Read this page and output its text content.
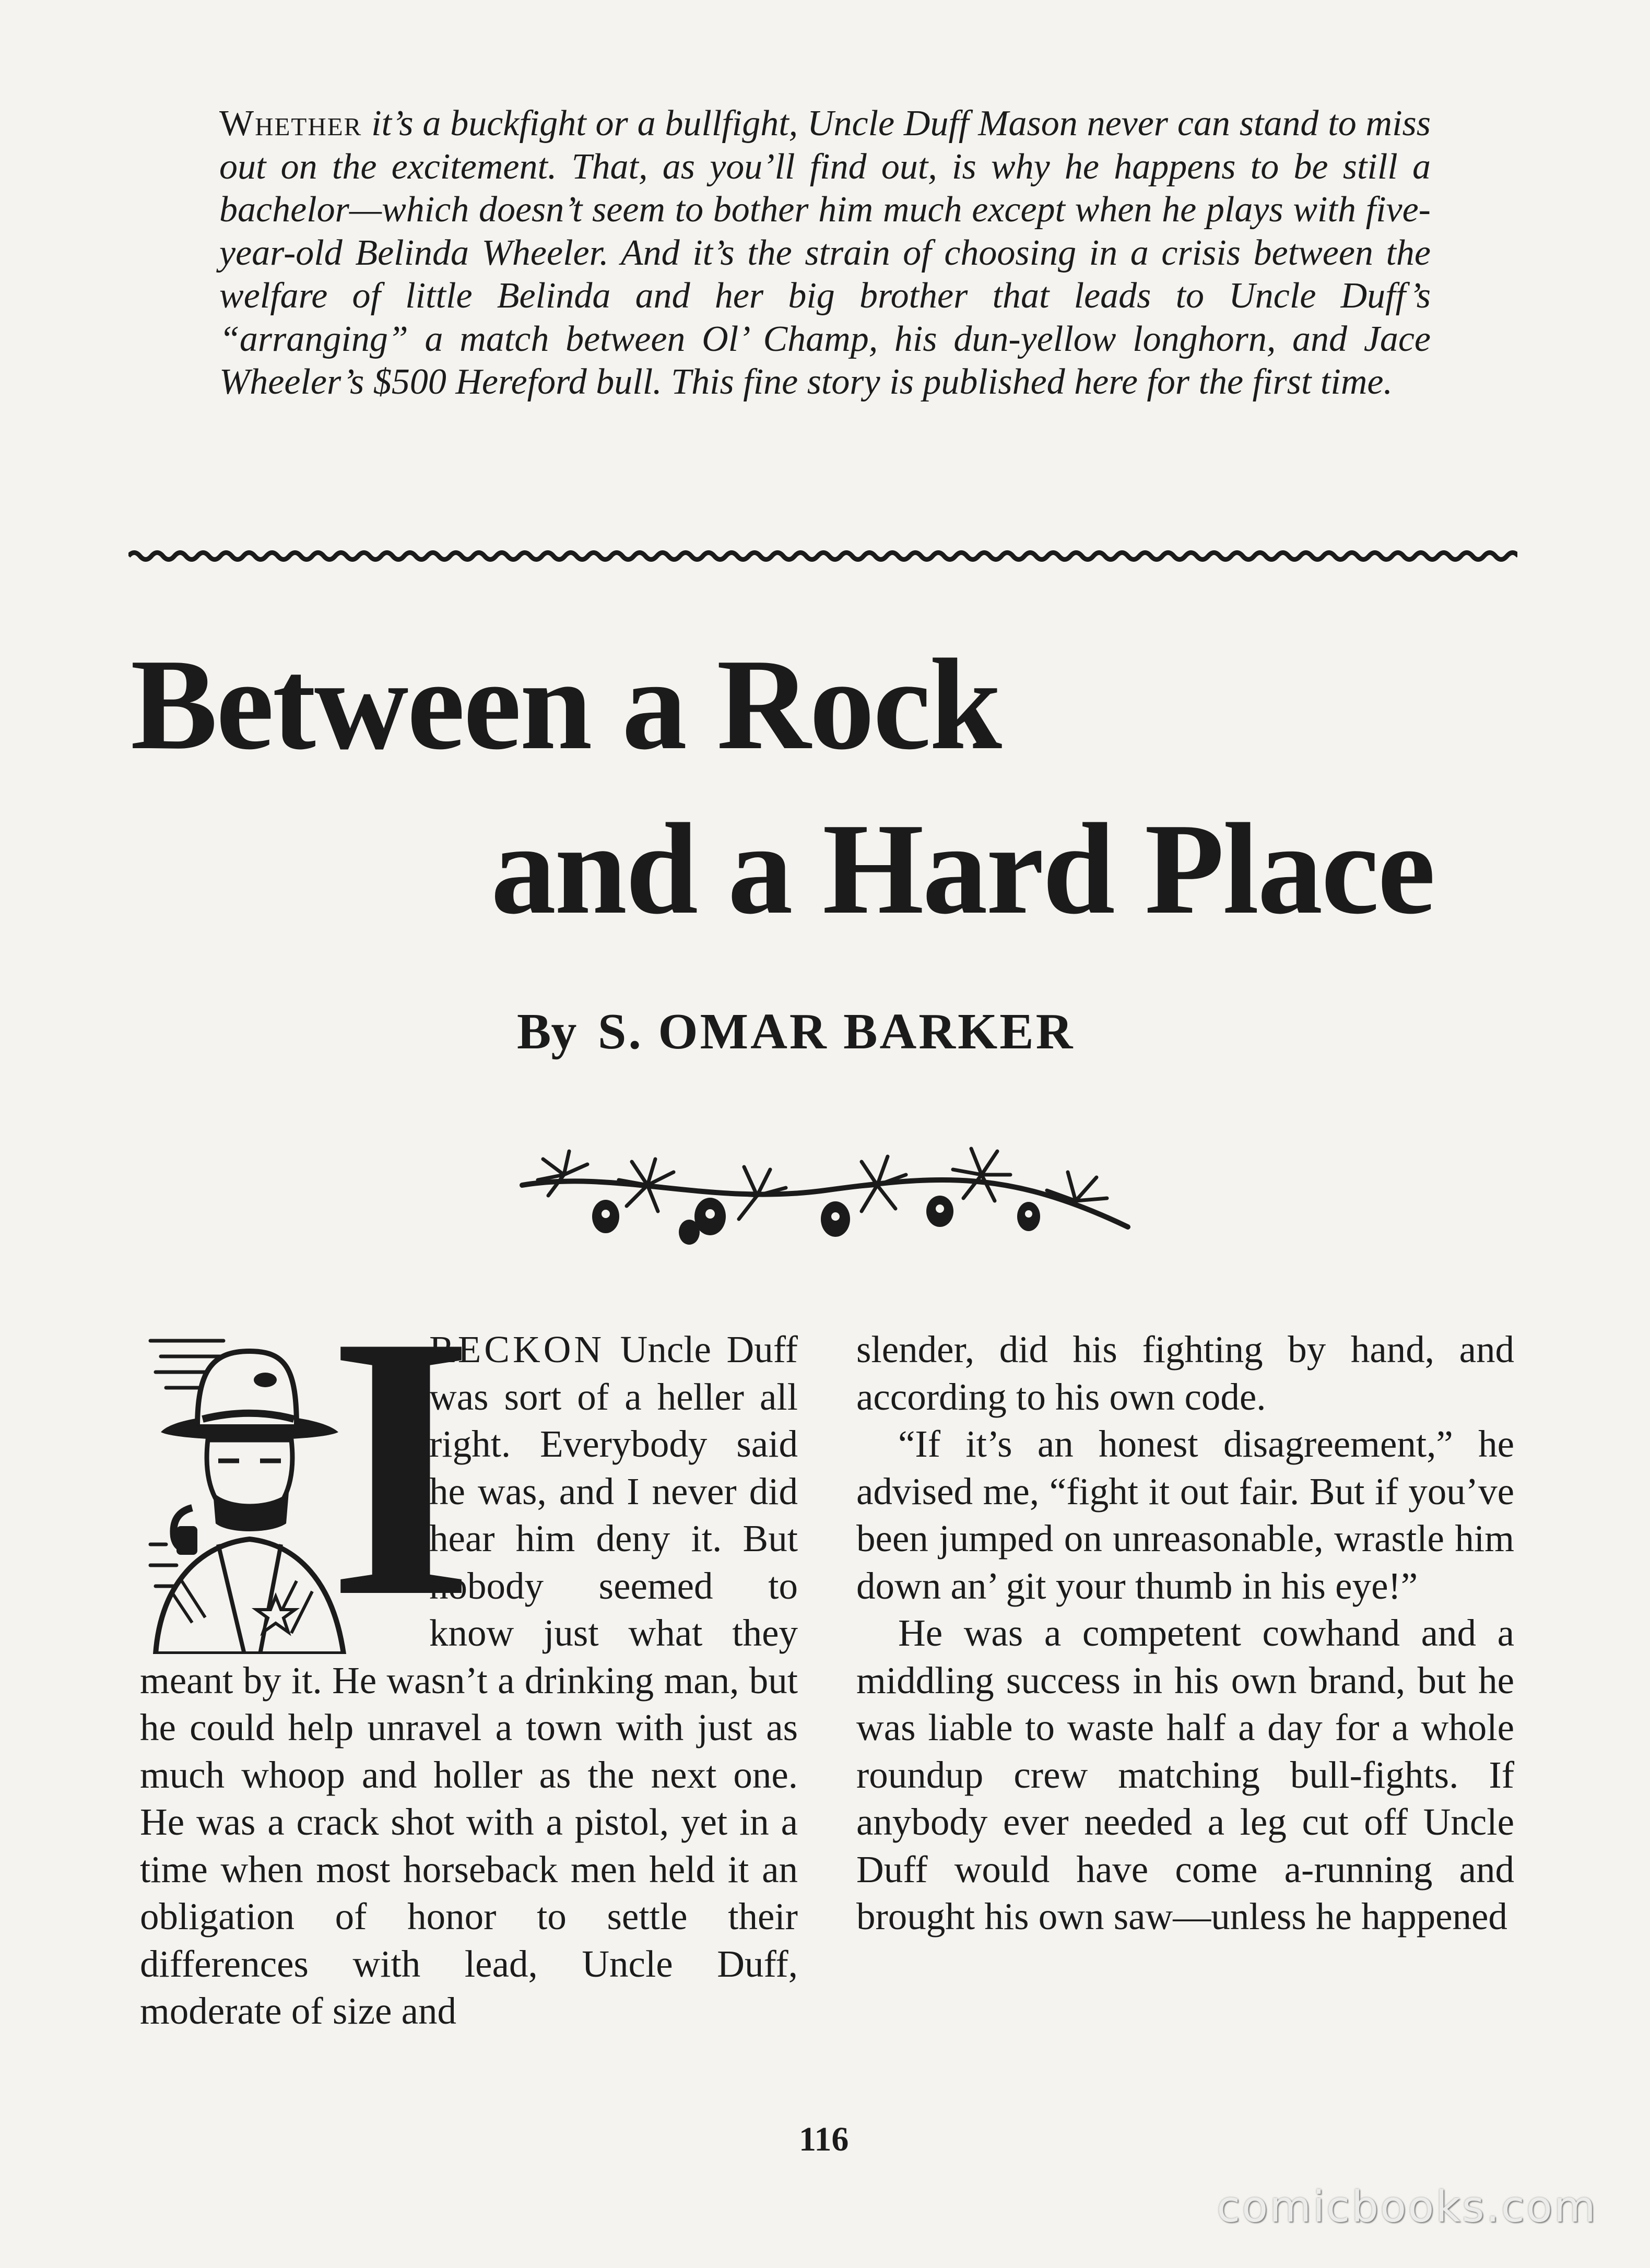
Whether it’s a buckfight or a bullfight, Uncle Duff Mason never can stand to miss out on the excitement. That, as you’ll find out, is why he happens to be still a bachelor—which doesn’t seem to bother him much except when he plays with five-year-old Belinda Wheeler. And it’s the strain of choosing in a crisis between the welfare of little Belinda and her big brother that leads to Uncle Duff’s “arranging” a match between Ol’ Champ, his dun-yellow longhorn, and Jace Wheeler’s $500 Hereford bull. This fine story is published here for the first time.

Between a Rock
and a Hard Place
By S. OMAR BARKER
I

RECKON Uncle Duff was sort of a heller all right. Everybody said he was, and I never did hear him deny it. But nobody seemed to know just what they meant by it. He wasn’t a drinking man, but he could help unravel a town with just as much whoop and holler as the next one. He was a crack shot with a pistol, yet in a time when most horseback men held it an obligation of honor to settle their differences with lead, Uncle Duff, moderate of size and

slender, did his fighting by hand, and according to his own code.

“If it’s an honest disagreement,” he advised me, “fight it out fair. But if you’ve been jumped on unreasonable, wrastle him down an’ git your thumb in his eye!”

He was a competent cowhand and a middling success in his own brand, but he was liable to waste half a day for a whole roundup crew matching bull-fights. If anybody ever needed a leg cut off Uncle Duff would have come a-running and brought his own saw—unless he happened

116
comicbooks.com
